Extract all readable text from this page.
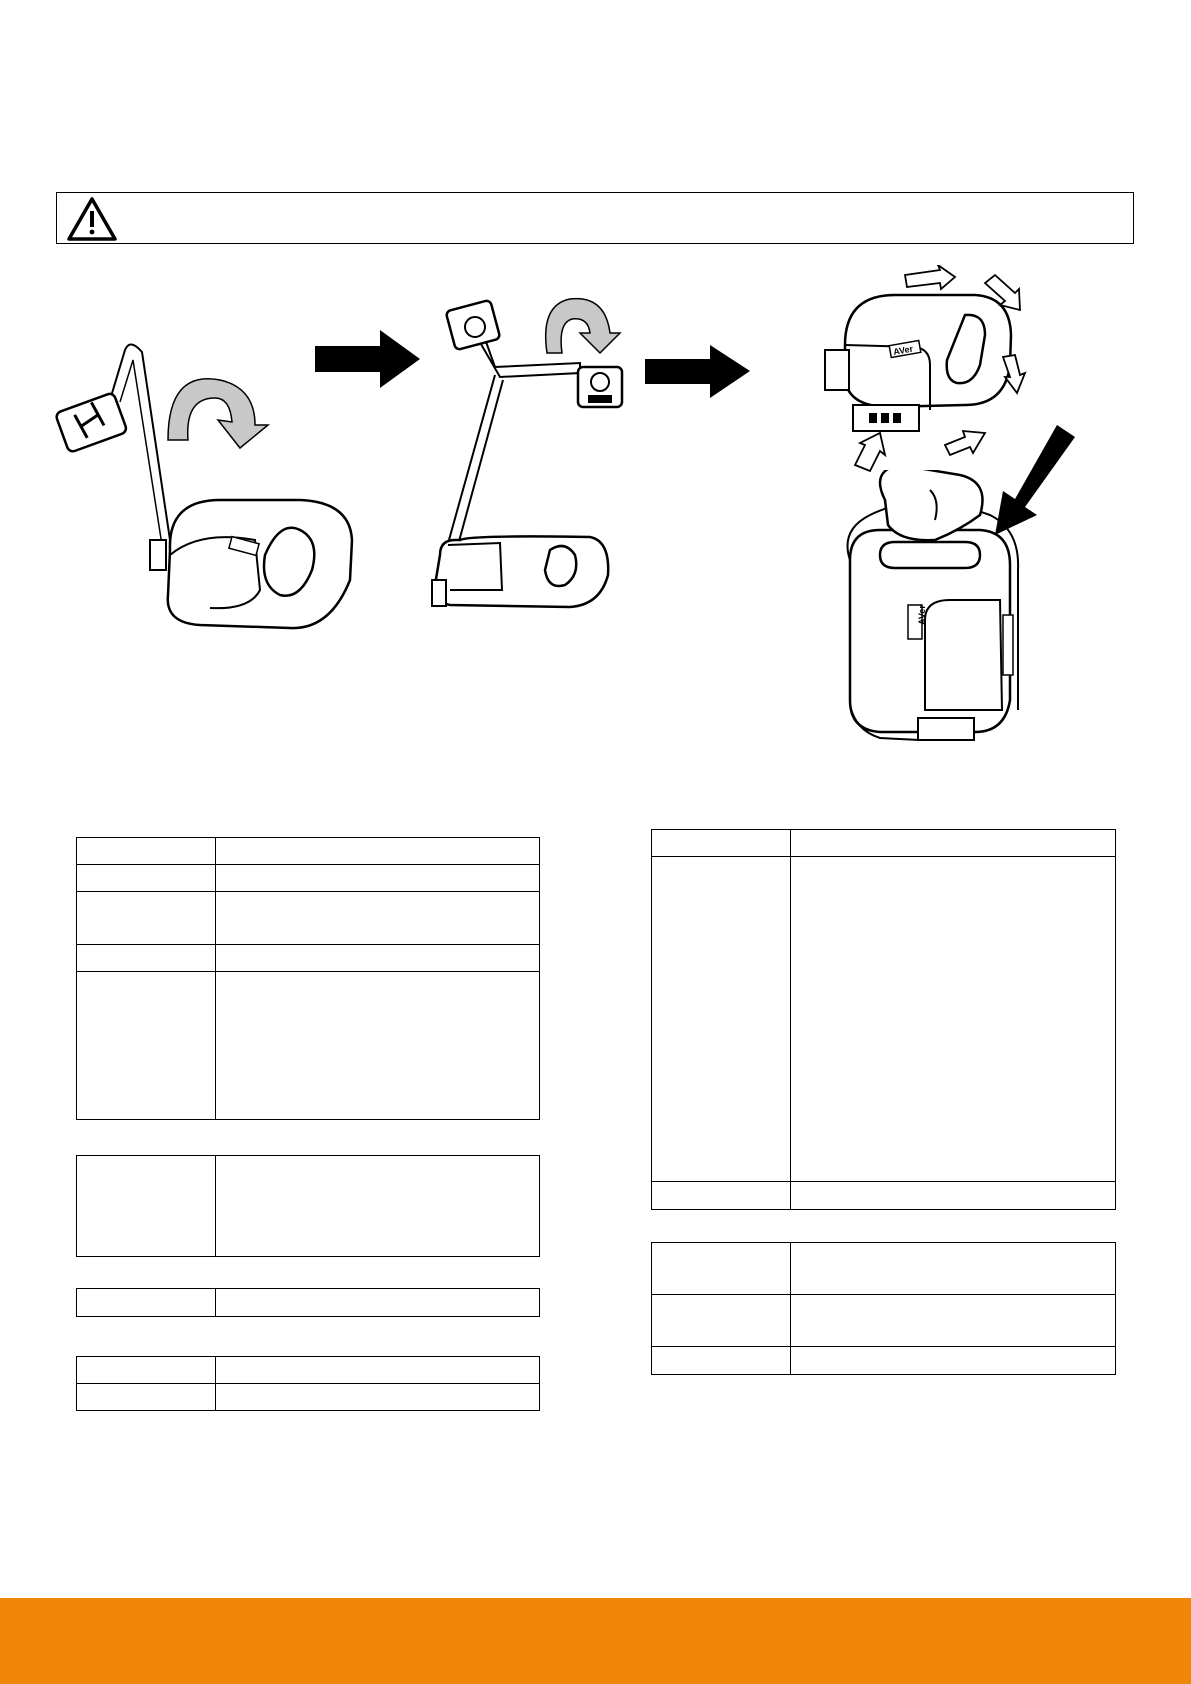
AVer
AVer
